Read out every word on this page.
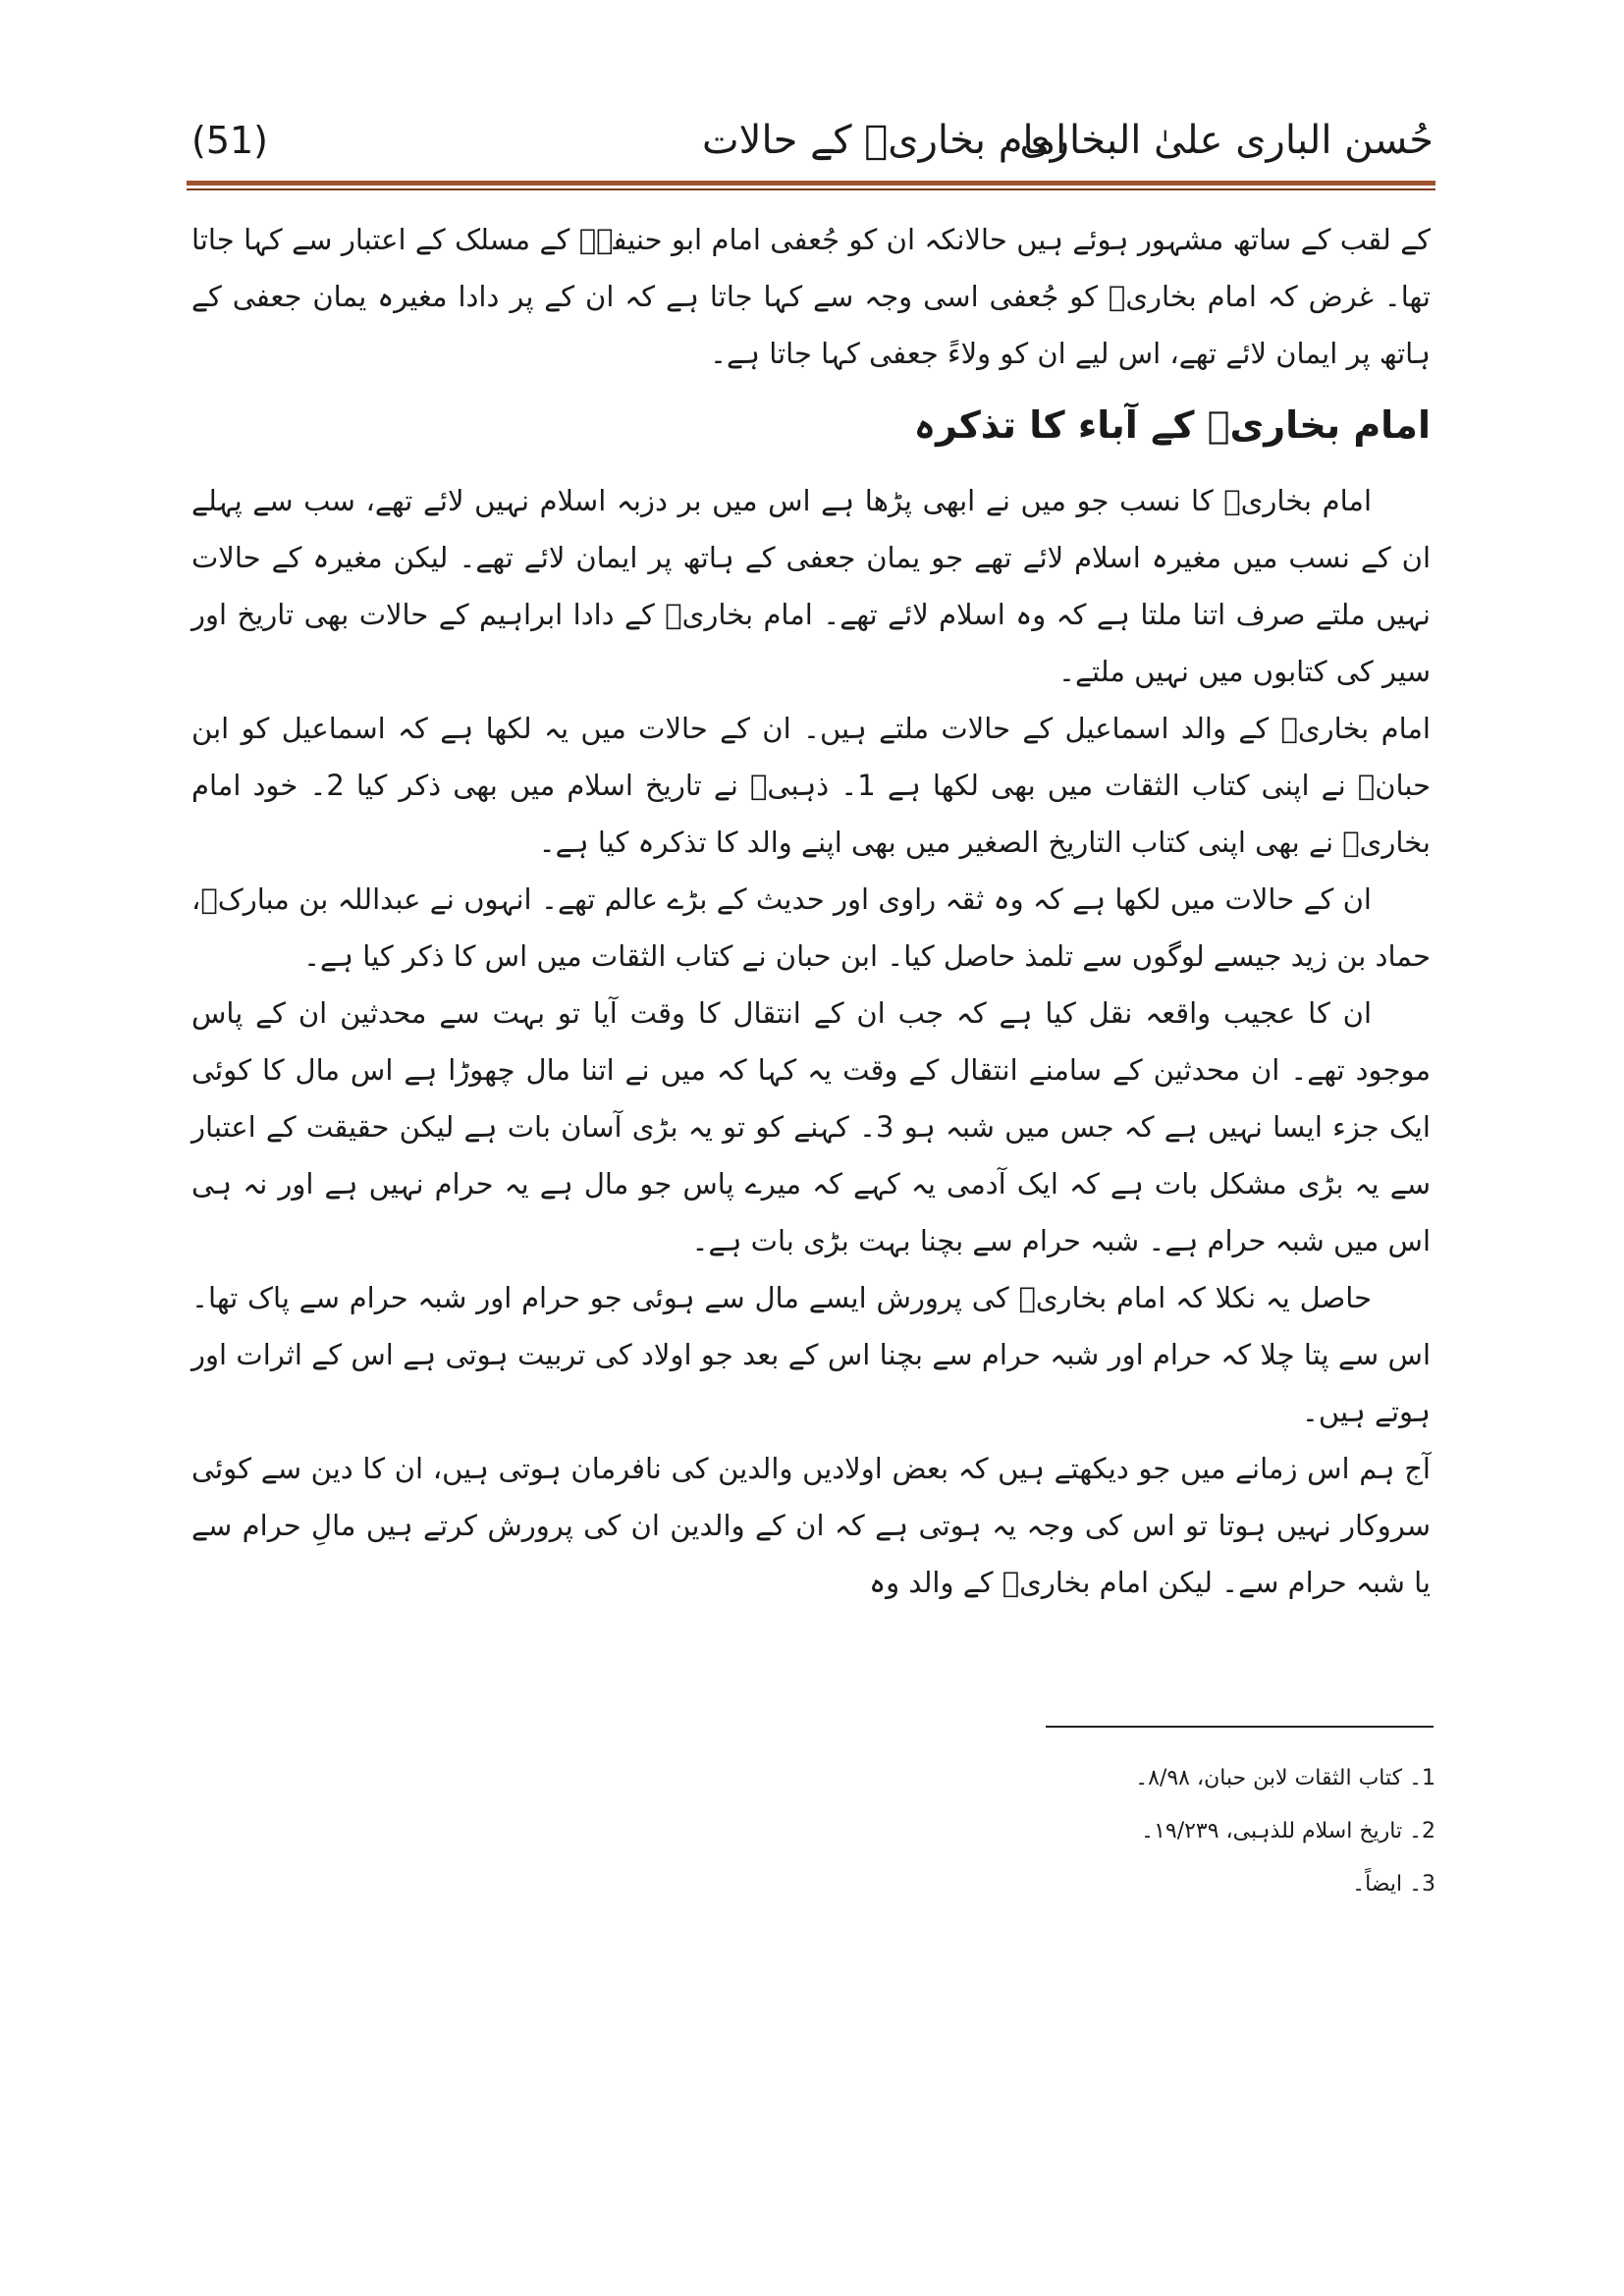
(51)	امام بخاریؒ کے حالات
حُسن الباری علیٰ البخاری

کے لقب کے ساتھ مشہور ہوئے ہیں حالانکہ ان کو جُعفی امام ابو حنیفہؒ کے مسلک کے اعتبار سے کہا جاتا تھا۔ غرض کہ امام بخاریؒ کو جُعفی اسی وجہ سے کہا جاتا ہے کہ ان کے پر دادا مغیرہ یمان جعفی کے ہاتھ پر ایمان لائے تھے، اس لیے ان کو ولاءً جعفی کہا جاتا ہے۔

امام بخاریؒ کے آباء کا تذکرہ

امام بخاریؒ کا نسب جو میں نے ابھی پڑھا ہے اس میں بر دزبہ اسلام نہیں لائے تھے، سب سے پہلے ان کے نسب میں مغیرہ اسلام لائے تھے جو یمان جعفی کے ہاتھ پر ایمان لائے تھے۔ لیکن مغیرہ کے حالات نہیں ملتے صرف اتنا ملتا ہے کہ وہ اسلام لائے تھے۔ امام بخاریؒ کے دادا ابراہیم کے حالات بھی تاریخ اور سیر کی کتابوں میں نہیں ملتے۔

امام بخاریؒ کے والد اسماعیل کے حالات ملتے ہیں۔ ان کے حالات میں یہ لکھا ہے کہ اسماعیل کو ابن حبانؒ نے اپنی کتاب الثقات میں بھی لکھا ہے 1۔ ذہبیؒ نے تاریخ اسلام میں بھی ذکر کیا 2۔ خود امام بخاریؒ نے بھی اپنی کتاب التاریخ الصغیر میں بھی اپنے والد کا تذکرہ کیا ہے۔

ان کے حالات میں لکھا ہے کہ وہ ثقہ راوی اور حدیث کے بڑے عالم تھے۔ انہوں نے عبداللہ بن مبارکؒ، حماد بن زید جیسے لوگوں سے تلمذ حاصل کیا۔ ابن حبان نے کتاب الثقات میں اس کا ذکر کیا ہے۔

ان کا عجیب واقعہ نقل کیا ہے کہ جب ان کے انتقال کا وقت آیا تو بہت سے محدثین ان کے پاس موجود تھے۔ ان محدثین کے سامنے انتقال کے وقت یہ کہا کہ میں نے اتنا مال چھوڑا ہے اس مال کا کوئی ایک جزء ایسا نہیں ہے کہ جس میں شبہ ہو 3۔ کہنے کو تو یہ بڑی آسان بات ہے لیکن حقیقت کے اعتبار سے یہ بڑی مشکل بات ہے کہ ایک آدمی یہ کہے کہ میرے پاس جو مال ہے یہ حرام نہیں ہے اور نہ ہی اس میں شبہ حرام ہے۔ شبہ حرام سے بچنا بہت بڑی بات ہے۔

حاصل یہ نکلا کہ امام بخاریؒ کی پرورش ایسے مال سے ہوئی جو حرام اور شبہ حرام سے پاک تھا۔ اس سے پتا چلا کہ حرام اور شبہ حرام سے بچنا اس کے بعد جو اولاد کی تربیت ہوتی ہے اس کے اثرات اور ہوتے ہیں۔

آج ہم اس زمانے میں جو دیکھتے ہیں کہ بعض اولادیں والدین کی نافرمان ہوتی ہیں، ان کا دین سے کوئی سروکار نہیں ہوتا تو اس کی وجہ یہ ہوتی ہے کہ ان کے والدین ان کی پرورش کرتے ہیں مالِ حرام سے یا شبہ حرام سے۔ لیکن امام بخاریؒ کے والد وہ

1۔ کتاب الثقات لابن حبان، ۸/۹۸۔

2۔ تاریخ اسلام للذہبی، ۱۹/۲۳۹۔

3۔ ایضاً۔
